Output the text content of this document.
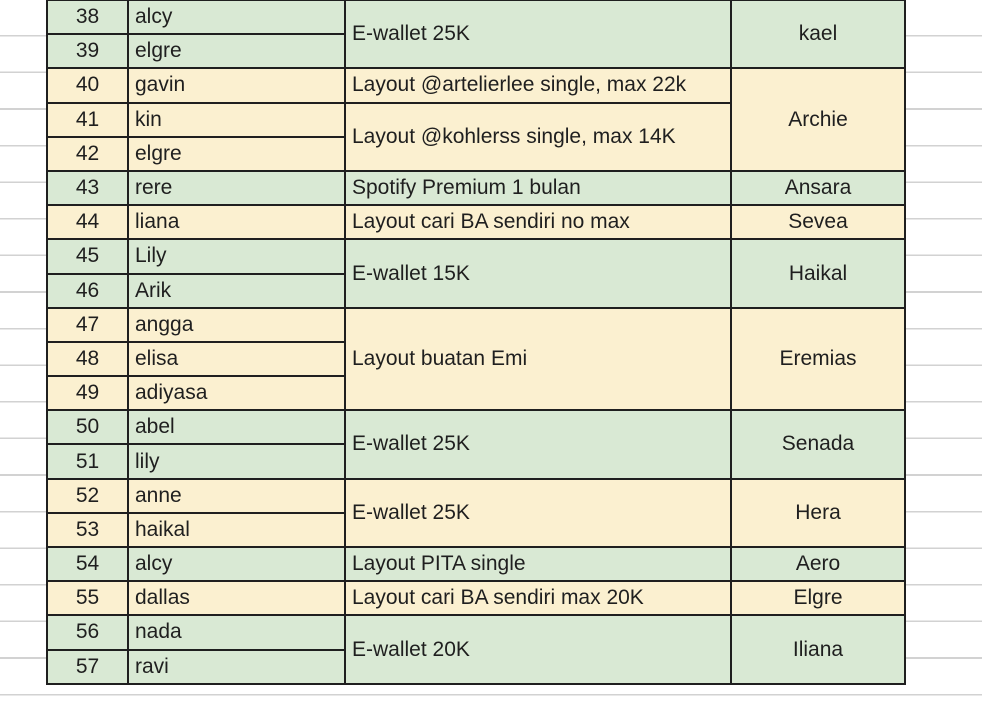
38	alcy	E-wallet 25K	kael
39	elgre		
40	gavin	Layout @artelierlee single, max 22k	Archie
41	kin	Layout @kohlerss single, max 14K	
42	elgre		
43	rere	Spotify Premium 1 bulan	Ansara
44	liana	Layout cari BA sendiri no max	Sevea
45	Lily	E-wallet 15K	Haikal
46	Arik		
47	angga	Layout buatan Emi	Eremias
48	elisa		
49	adiyasa		
50	abel	E-wallet 25K	Senada
51	lily		
52	anne	E-wallet 25K	Hera
53	haikal		
54	alcy	Layout PITA single	Aero
55	dallas	Layout cari BA sendiri max 20K	Elgre
56	nada	E-wallet 20K	Iliana
57	ravi		
